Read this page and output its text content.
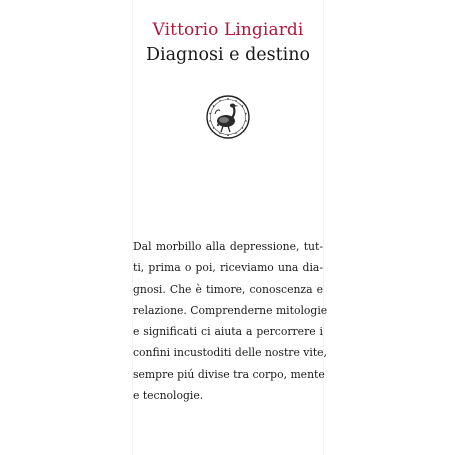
Vittorio Lingiardi
Diagnosi e destino
Dal morbillo alla depressione, tut-
ti, prima o poi, riceviamo una dia-
gnosi. Che è timore, conoscenza e
relazione. Comprenderne mitologie
e significati ci aiuta a percorrere i
confini incustoditi delle nostre vite,
sempre piú divise tra corpo, mente
e tecnologie.
